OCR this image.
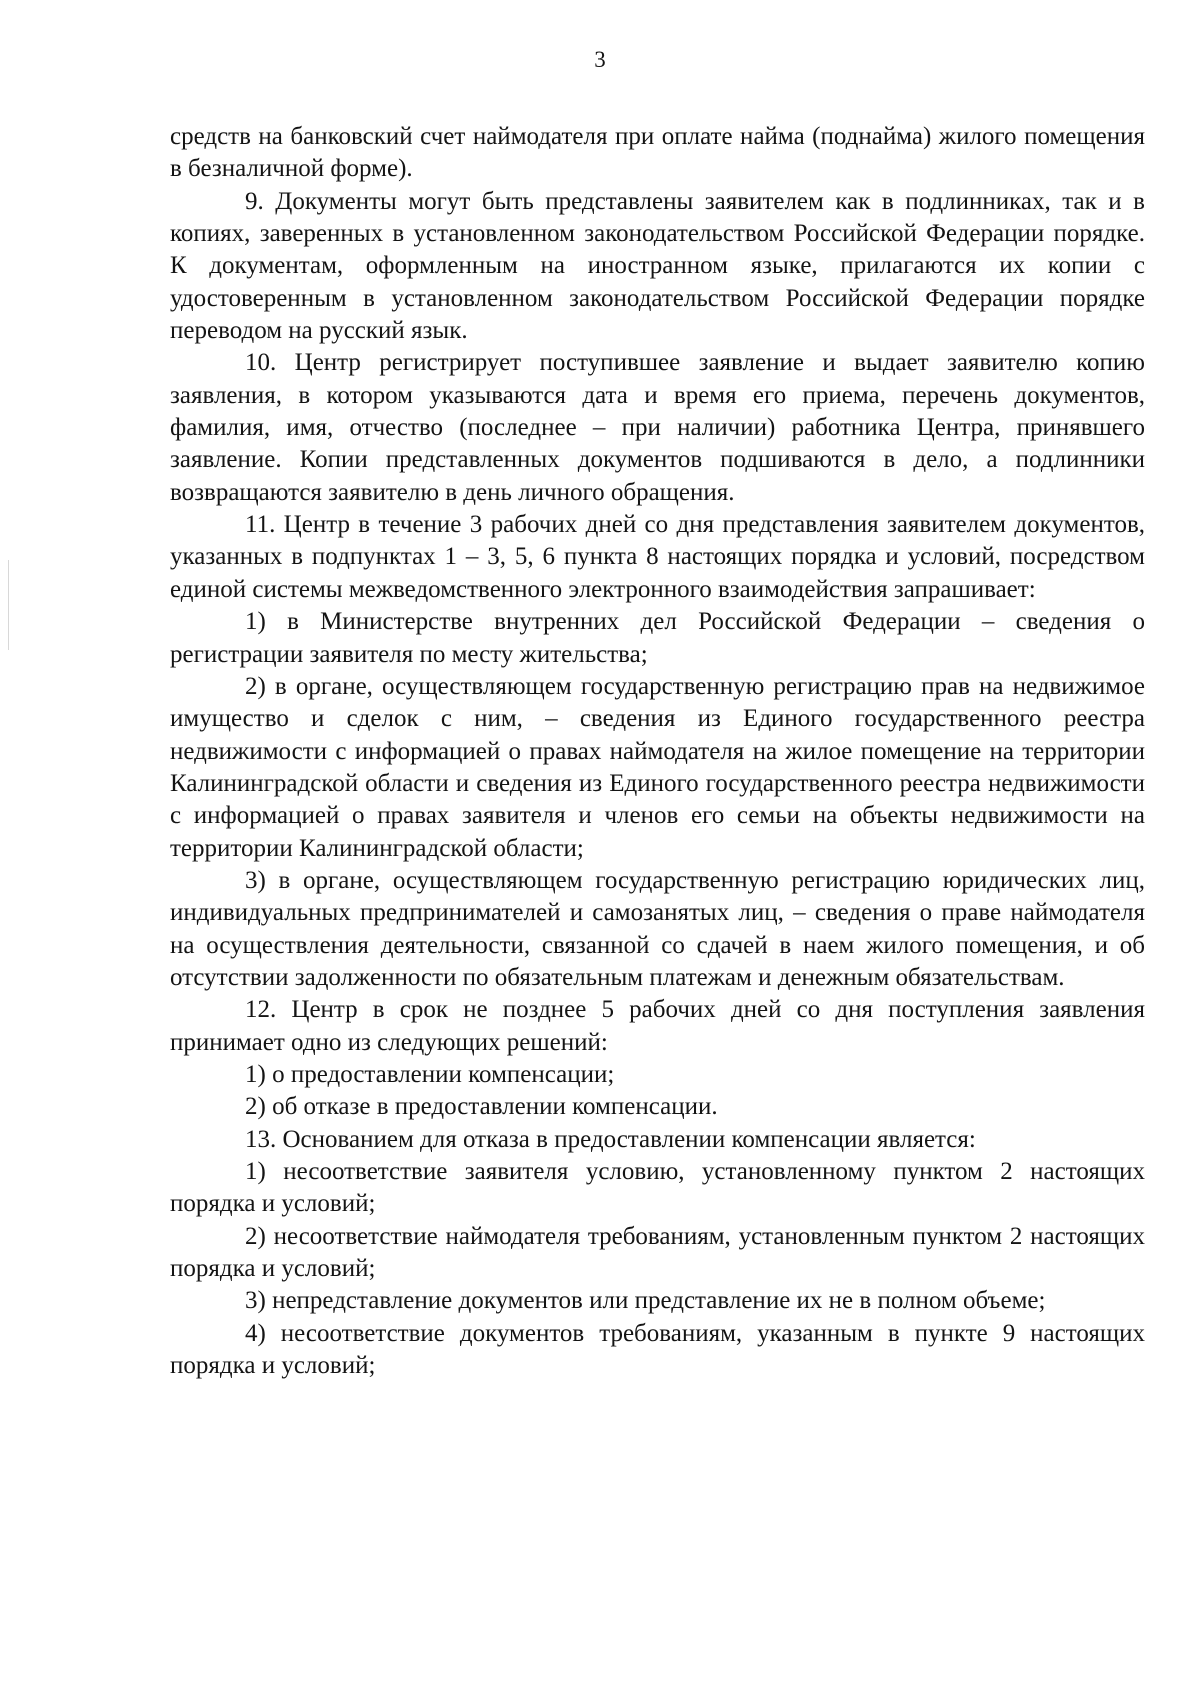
3

средств на банковский счет наймодателя при оплате найма (поднайма) жилого помещения в безналичной форме).

9. Документы могут быть представлены заявителем как в подлинниках, так и в копиях, заверенных в установленном законодательством Российской Федерации порядке. К документам, оформленным на иностранном языке, прилагаются их копии с удостоверенным в установленном законодательством Российской Федерации порядке переводом на русский язык.

10. Центр регистрирует поступившее заявление и выдает заявителю копию заявления, в котором указываются дата и время его приема, перечень документов, фамилия, имя, отчество (последнее – при наличии) работника Центра, принявшего заявление. Копии представленных документов подшиваются в дело, а подлинники возвращаются заявителю в день личного обращения.

11. Центр в течение 3 рабочих дней со дня представления заявителем документов, указанных в подпунктах 1 – 3, 5, 6 пункта 8 настоящих порядка и условий, посредством единой системы межведомственного электронного взаимодействия запрашивает:

1) в Министерстве внутренних дел Российской Федерации – сведения о регистрации заявителя по месту жительства;

2) в органе, осуществляющем государственную регистрацию прав на недвижимое имущество и сделок с ним, – сведения из Единого государственного реестра недвижимости с информацией о правах наймодателя на жилое помещение на территории Калининградской области и сведения из Единого государственного реестра недвижимости с информацией о правах заявителя и членов его семьи на объекты недвижимости на территории Калининградской области;

3) в органе, осуществляющем государственную регистрацию юридических лиц, индивидуальных предпринимателей и самозанятых лиц, – сведения о праве наймодателя на осуществления деятельности, связанной со сдачей в наем жилого помещения, и об отсутствии задолженности по обязательным платежам и денежным обязательствам.

12. Центр в срок не позднее 5 рабочих дней со дня поступления заявления принимает одно из следующих решений:

1) о предоставлении компенсации;

2) об отказе в предоставлении компенсации.

13. Основанием для отказа в предоставлении компенсации является:

1) несоответствие заявителя условию, установленному пунктом 2 настоящих порядка и условий;

2) несоответствие наймодателя требованиям, установленным пунктом 2 настоящих порядка и условий;

3) непредставление документов или представление их не в полном объеме;

4) несоответствие документов требованиям, указанным в пункте 9 настоящих порядка и условий;
